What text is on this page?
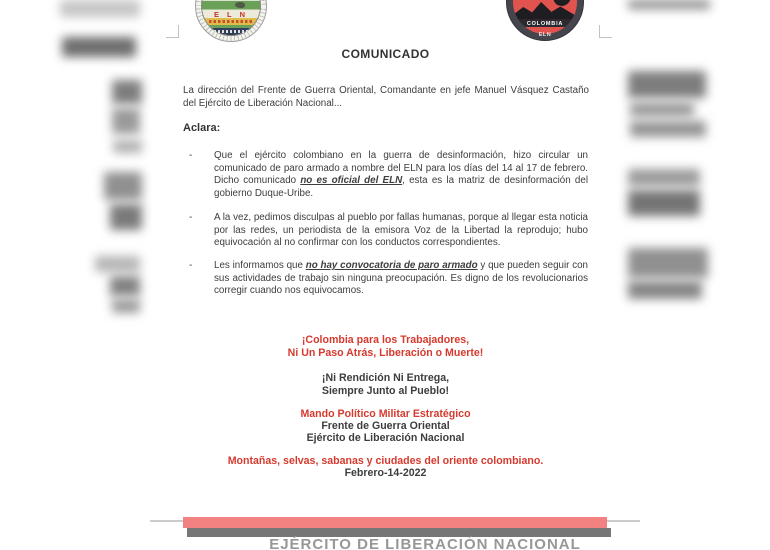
E L N
COLOMBIA
ELN
COMUNICADO

La dirección del Frente de Guerra Oriental, Comandante en jefe Manuel Vásquez Castaño del Ejército de Liberación Nacional...

Aclara:
- Que el ejército colombiano en la guerra de desinformación, hizo circular un comunicado de paro armado a nombre del ELN para los días del 14 al 17 de febrero. Dicho comunicado no es oficial del ELN, esta es la matriz de desinformación del gobierno Duque-Uribe.

- A la vez, pedimos disculpas al pueblo por fallas humanas, porque al llegar esta noticia por las redes, un periodista de la emisora Voz de la Libertad la reprodujo; hubo equivocación al no confirmar con los conductos correspondientes.

- Les informamos que no hay convocatoria de paro armado y que pueden seguir con sus actividades de trabajo sin ninguna preocupación. Es digno de los revolucionarios corregir cuando nos equivocamos.

¡Colombia para los Trabajadores,
Ni Un Paso Atrás, Liberación o Muerte!
¡Ni Rendición Ni Entrega,
Siempre Junto al Pueblo!
Mando Político Militar Estratégico
Frente de Guerra Oriental
Ejército de Liberación Nacional
Montañas, selvas, sabanas y ciudades del oriente colombiano.
Febrero-14-2022
EJÉRCITO DE LIBERACIÓN NACIONAL
